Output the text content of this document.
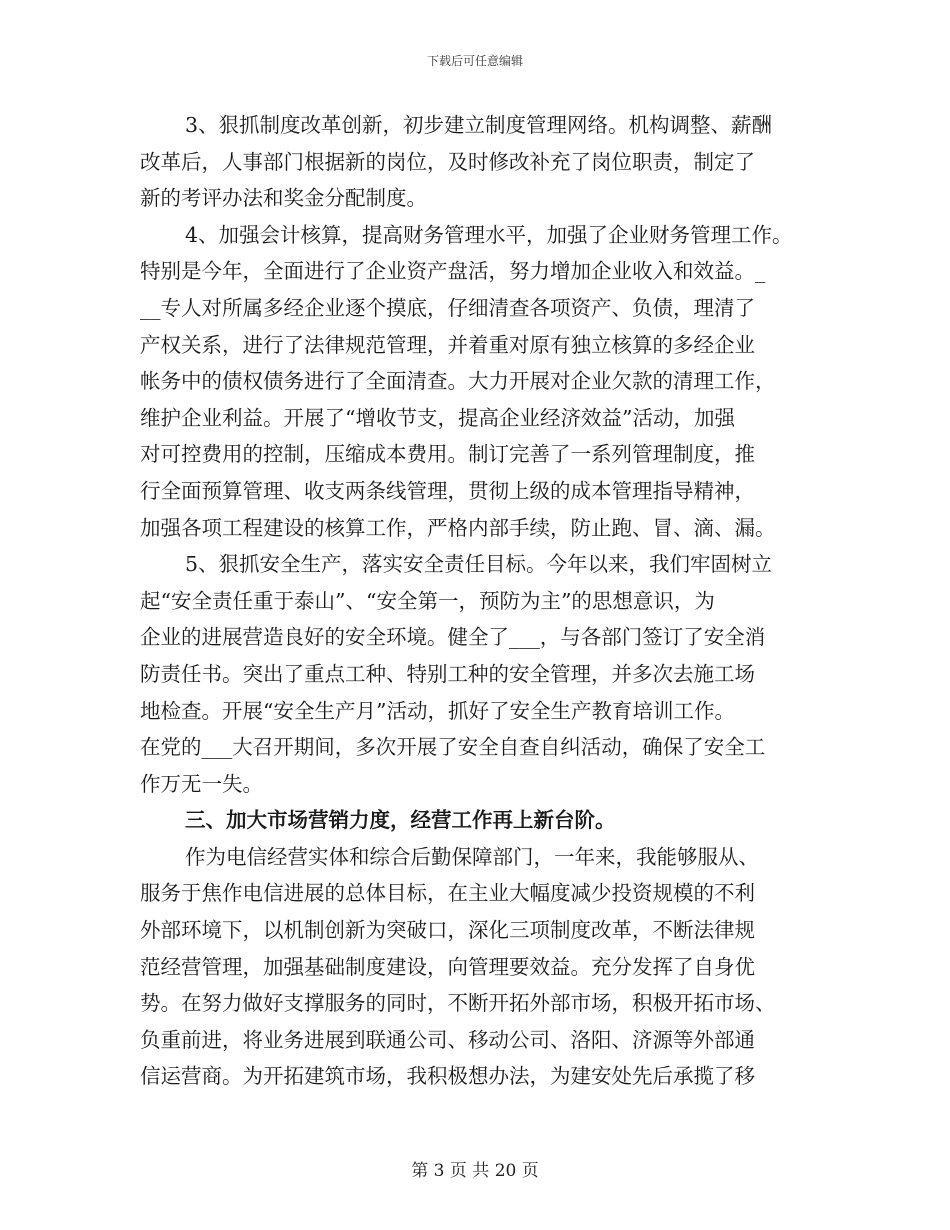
下载后可任意编辑
3、狠抓制度改革创新，初步建立制度管理网络。机构调整、薪酬
改革后，人事部门根据新的岗位，及时修改补充了岗位职责，制定了
新的考评办法和奖金分配制度。
4、加强会计核算，提高财务管理水平，加强了企业财务管理工作。
特别是今年，全面进行了企业资产盘活，努力增加企业收入和效益。_
__专人对所属多经企业逐个摸底，仔细清查各项资产、负债，理清了
产权关系，进行了法律规范管理，并着重对原有独立核算的多经企业
帐务中的债权债务进行了全面清查。大力开展对企业欠款的清理工作，
维护企业利益。开展了“增收节支，提高企业经济效益”活动，加强
对可控费用的控制，压缩成本费用。制订完善了一系列管理制度，推
行全面预算管理、收支两条线管理，贯彻上级的成本管理指导精神，
加强各项工程建设的核算工作，严格内部手续，防止跑、冒、滴、漏。
5、狠抓安全生产，落实安全责任目标。今年以来，我们牢固树立
起“安全责任重于泰山”、“安全第一，预防为主”的思想意识，为
企业的进展营造良好的安全环境。健全了___，与各部门签订了安全消
防责任书。突出了重点工种、特别工种的安全管理，并多次去施工场
地检查。开展“安全生产月”活动，抓好了安全生产教育培训工作。
在党的___大召开期间，多次开展了安全自查自纠活动，确保了安全工
作万无一失。
三、加大市场营销力度，经营工作再上新台阶。
作为电信经营实体和综合后勤保障部门，一年来，我能够服从、
服务于焦作电信进展的总体目标，在主业大幅度减少投资规模的不利
外部环境下，以机制创新为突破口，深化三项制度改革，不断法律规
范经营管理，加强基础制度建设，向管理要效益。充分发挥了自身优
势。在努力做好支撑服务的同时，不断开拓外部市场，积极开拓市场、
负重前进，将业务进展到联通公司、移动公司、洛阳、济源等外部通
信运营商。为开拓建筑市场，我积极想办法，为建安处先后承揽了移
第 3 页 共 20 页
